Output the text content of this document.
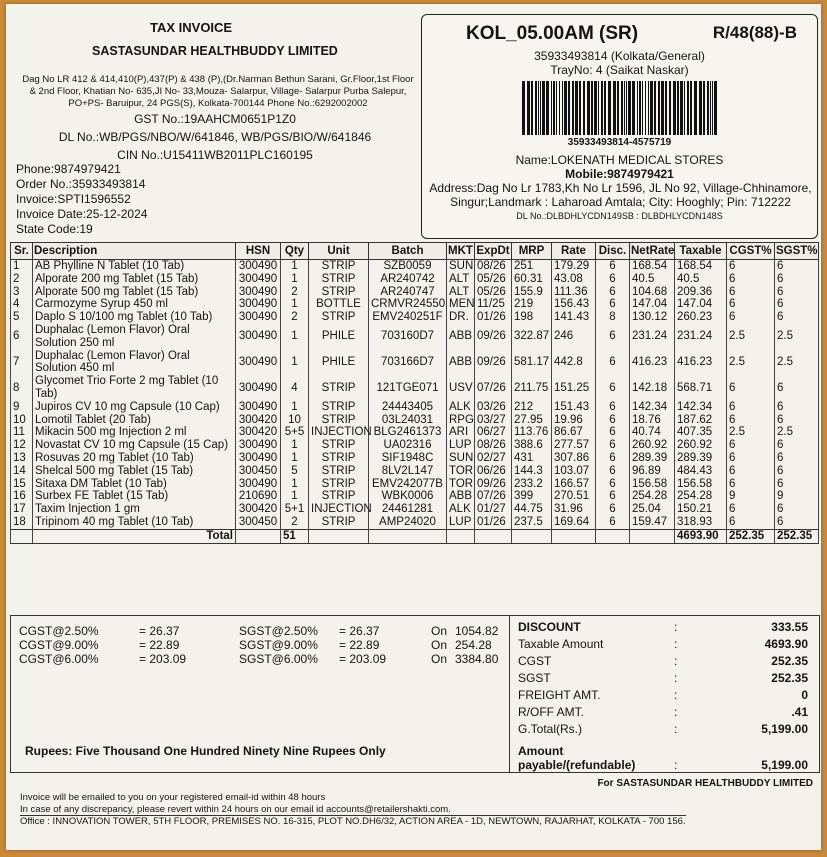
TAX INVOICE
SASTASUNDAR HEALTHBUDDY LIMITED
Dag No LR 412 & 414,410(P),437(P) & 438 (P),(Dr.Narman Bethun Sarani, Gr.Floor,1st Floor & 2nd Floor, Khatian No- 635,JI No- 33,Mouza- Salarpur, Village- Salarpur Purba Salepur, PO+PS- Baruipur, 24 PGS(S), Kolkata-700144 Phone No.:6292002002
GST No.:19AAHCM0651P1Z0
DL No.:WB/PGS/NBO/W/641846, WB/PGS/BIO/W/641846
CIN No.:U15411WB2011PLC160195
Phone:9874979421
Order No.:35933493814
Invoice:SPTI1596552
Invoice Date:25-12-2024
State Code:19
KOL_05.00AM (SR)	R/48(88)-B
35933493814 (Kolkata/General)
TrayNo: 4 (Saikat Naskar)
35933493814-4575719
Name:LOKENATH MEDICAL STORES
Mobile:9874979421
Address:Dag No Lr 1783,Kh No Lr 1596, JL No 92, Village-Chhinamore, Singur;Landmark : Laharoad Amtala; City: Hooghly; Pin: 712222
DL No.:DLBDHLYCDN149SB : DLBDHLYCDN148S
Sr.	Description	HSN	Qty	Unit	Batch	MKT	ExpDt	MRP	Rate	Disc.	NetRate	Taxable	CGST%	SGST%
1	AB Phylline N Tablet (10 Tab)	300490	1	STRIP	SZB0059	SUN	08/26	251	179.29	6	168.54	168.54	6	6
2	Alporate 200 mg Tablet (15 Tab)	300490	1	STRIP	AR240742	ALT	05/26	60.31	43.08	6	40.5	40.5	6	6
3	Alporate 500 mg Tablet (15 Tab)	300490	2	STRIP	AR240747	ALT	05/26	155.9	111.36	6	104.68	209.36	6	6
4	Carmozyme Syrup 450 ml	300490	1	BOTTLE	CRMVR24550	MEN	11/25	219	156.43	6	147.04	147.04	6	6
5	Daplo S 10/100 mg Tablet (10 Tab)	300490	2	STRIP	EMV240251F	DR.	01/26	198	141.43	8	130.12	260.23	6	6
6	Duphalac (Lemon Flavor) Oral Solution 250 ml	300490	1	PHILE	703160D7	ABB	09/26	322.87	246	6	231.24	231.24	2.5	2.5
7	Duphalac (Lemon Flavor) Oral Solution 450 ml	300490	1	PHILE	703166D7	ABB	09/26	581.17	442.8	6	416.23	416.23	2.5	2.5
8	Glycomet Trio Forte 2 mg Tablet (10 Tab)	300490	4	STRIP	121TGE071	USV	07/26	211.75	151.25	6	142.18	568.71	6	6
9	Jupiros CV 10 mg Capsule (10 Cap)	300490	1	STRIP	24443405	ALK	03/26	212	151.43	6	142.34	142.34	6	6
10	Lomotil Tablet (20 Tab)	300420	10	STRIP	03L24031	RPG	03/27	27.95	19.96	6	18.76	187.62	6	6
11	Mikacin 500 mg Injection 2 ml	300420	5+5	INJECTION	BLG2461373	ARI	06/27	113.76	86.67	6	40.74	407.35	2.5	2.5
12	Novastat CV 10 mg Capsule (15 Cap)	300490	1	STRIP	UA02316	LUP	08/26	388.6	277.57	6	260.92	260.92	6	6
13	Rosuvas 20 mg Tablet (10 Tab)	300490	1	STRIP	SIF1948C	SUN	02/27	431	307.86	6	289.39	289.39	6	6
14	Shelcal 500 mg Tablet (15 Tab)	300450	5	STRIP	8LV2L147	TOR	06/26	144.3	103.07	6	96.89	484.43	6	6
15	Sitaxa DM Tablet (10 Tab)	300490	1	STRIP	EMV242077B	TOR	09/26	233.2	166.57	6	156.58	156.58	6	6
16	Surbex FE Tablet (15 Tab)	210690	1	STRIP	WBK0006	ABB	07/26	399	270.51	6	254.28	254.28	9	9
17	Taxim Injection 1 gm	300420	5+1	INJECTION	24461281	ALK	01/27	44.75	31.96	6	25.04	150.21	6	6
18	Tripinom 40 mg Tablet (10 Tab)	300450	2	STRIP	AMP24020	LUP	01/26	237.5	169.64	6	159.47	318.93	6	6
	Total		51									4693.90	252.35	252.35
CGST@2.50%	= 26.37	SGST@2.50% = 26.37	On 1054.82
CGST@9.00%	= 22.89	SGST@9.00% = 22.89	On 254.28
CGST@6.00%	= 203.09	SGST@6.00% = 203.09	On 3384.80
Rupees: Five Thousand One Hundred Ninety Nine Rupees Only	Amount
payable/(refundable)	:	5,199.00
DISCOUNT	:	333.55
Taxable Amount	:	4693.90
CGST	:	252.35
SGST	:	252.35
FREIGHT AMT.	:	0
R/OFF AMT.	:	.41
G.Total(Rs.)	:	5,199.00
For SASTASUNDAR HEALTHBUDDY LIMITED
Invoice will be emailed to you on your registered email-id within 48 hours
In case of any discrepancy, please revert within 24 hours on our email id accounts@retailershakti.com.
Office : INNOVATION TOWER, 5TH FLOOR, PREMISES NO. 16-315, PLOT NO.DH6/32, ACTION AREA - 1D, NEWTOWN, RAJARHAT, KOLKATA - 700 156.
